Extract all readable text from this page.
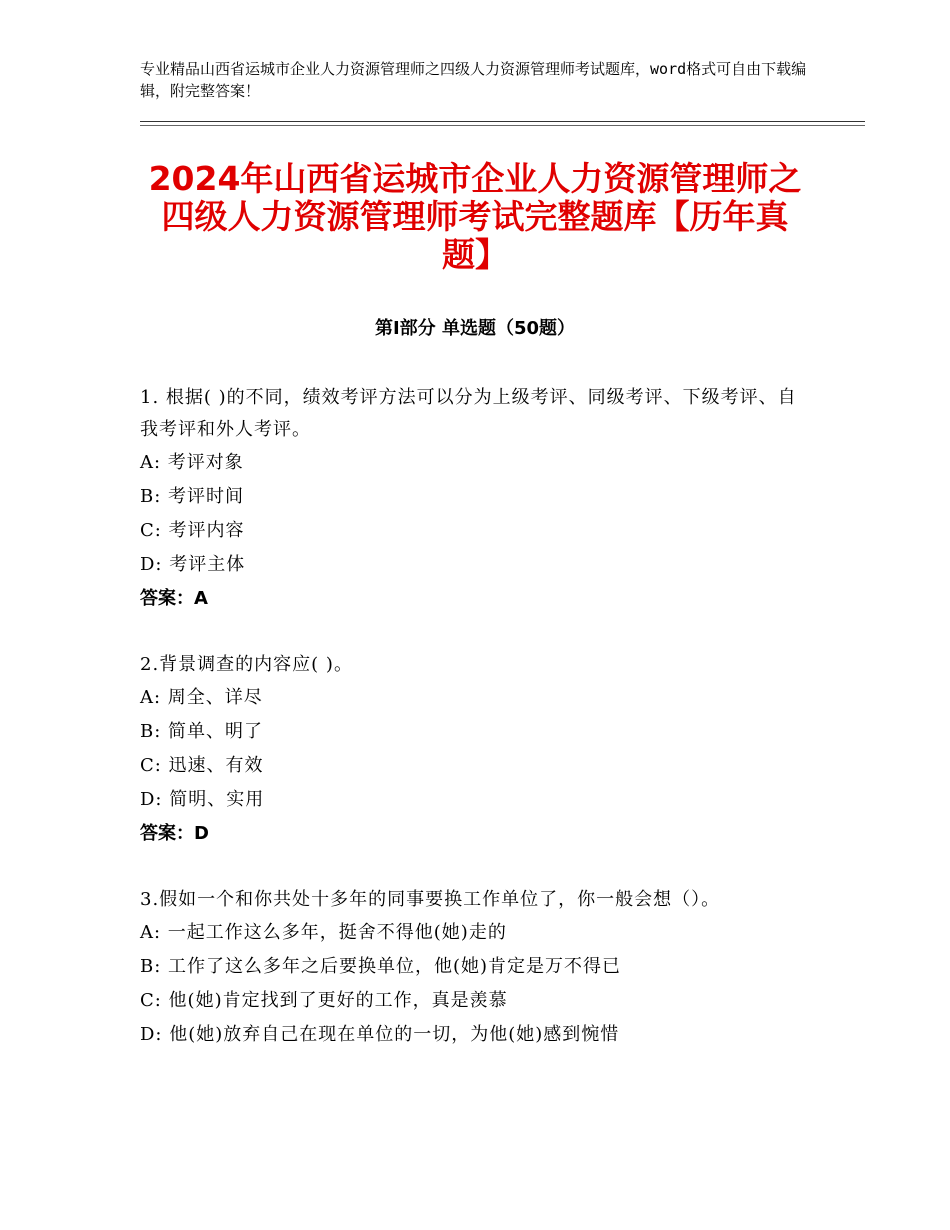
专业精品山西省运城市企业人力资源管理师之四级人力资源管理师考试题库，word格式可自由下载编辑，附完整答案！
2024年山西省运城市企业人力资源管理师之四级人力资源管理师考试完整题库【历年真题】
第Ⅰ部分 单选题（50题）

1. 根据( )的不同，绩效考评方法可以分为上级考评、同级考评、下级考评、自我考评和外人考评。

A: 考评对象

B: 考评时间

C: 考评内容

D: 考评主体

答案：A

2.背景调查的内容应( )。

A: 周全、详尽

B: 简单、明了

C: 迅速、有效

D: 简明、实用

答案：D

3.假如一个和你共处十多年的同事要换工作单位了，你一般会想（）。

A: 一起工作这么多年，挺舍不得他(她)走的

B: 工作了这么多年之后要换单位，他(她)肯定是万不得已

C: 他(她)肯定找到了更好的工作，真是羡慕

D: 他(她)放弃自己在现在单位的一切，为他(她)感到惋惜
